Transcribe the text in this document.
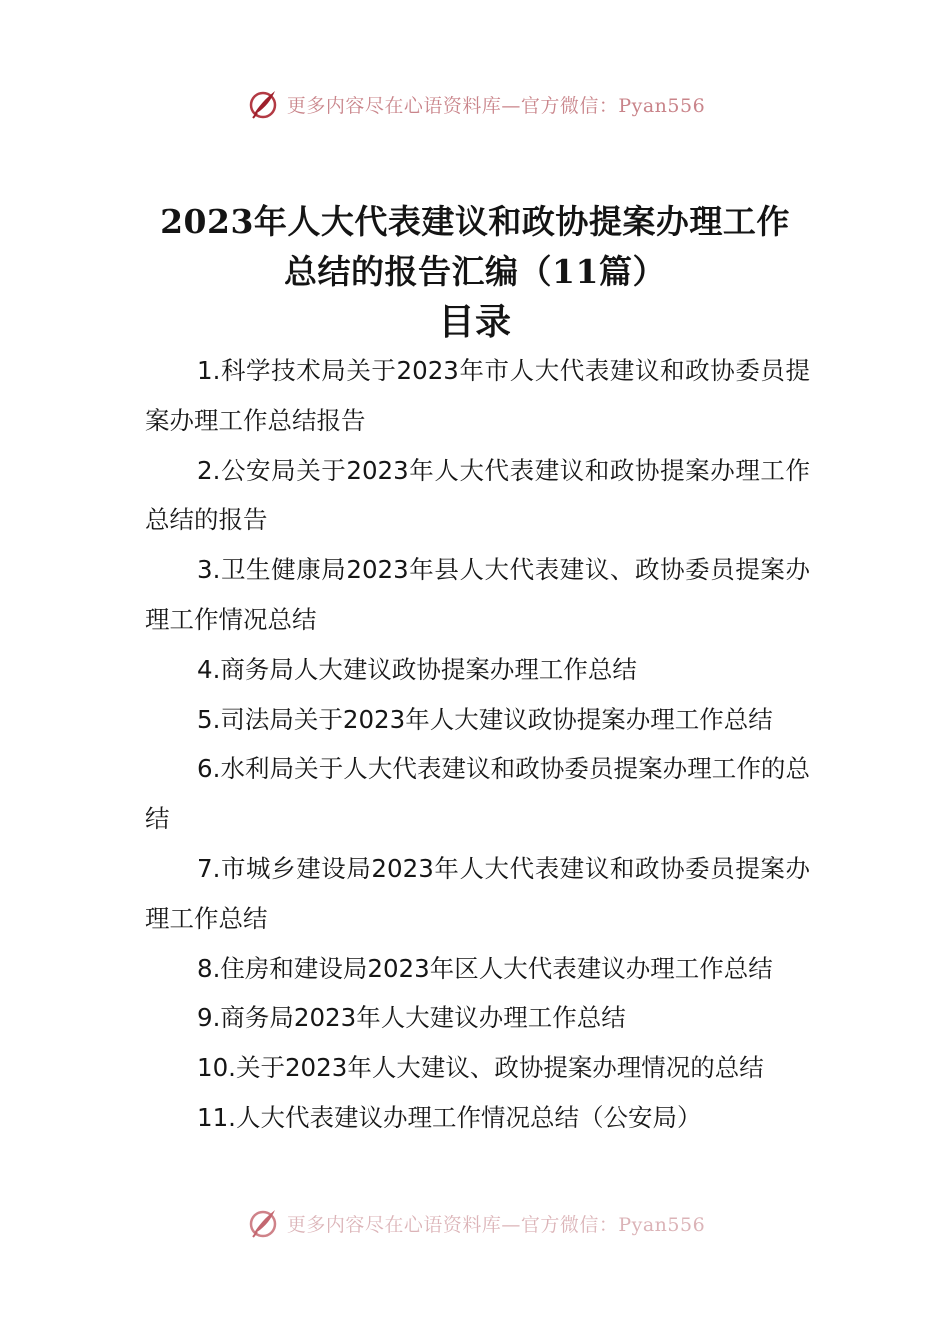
更多内容尽在心语资料库—官方微信：Pyan556
2023年人大代表建议和政协提案办理工作
总结的报告汇编（11篇）
目录

1.科学技术局关于2023年市人大代表建议和政协委员提案办理工作总结报告

2.公安局关于2023年人大代表建议和政协提案办理工作总结的报告

3.卫生健康局2023年县人大代表建议、政协委员提案办理工作情况总结

4.商务局人大建议政协提案办理工作总结

5.司法局关于2023年人大建议政协提案办理工作总结

6.水利局关于人大代表建议和政协委员提案办理工作的总结

7.市城乡建设局2023年人大代表建议和政协委员提案办理工作总结

8.住房和建设局2023年区人大代表建议办理工作总结

9.商务局2023年人大建议办理工作总结

10.关于2023年人大建议、政协提案办理情况的总结

11.人大代表建议办理工作情况总结（公安局）

更多内容尽在心语资料库—官方微信：Pyan556
